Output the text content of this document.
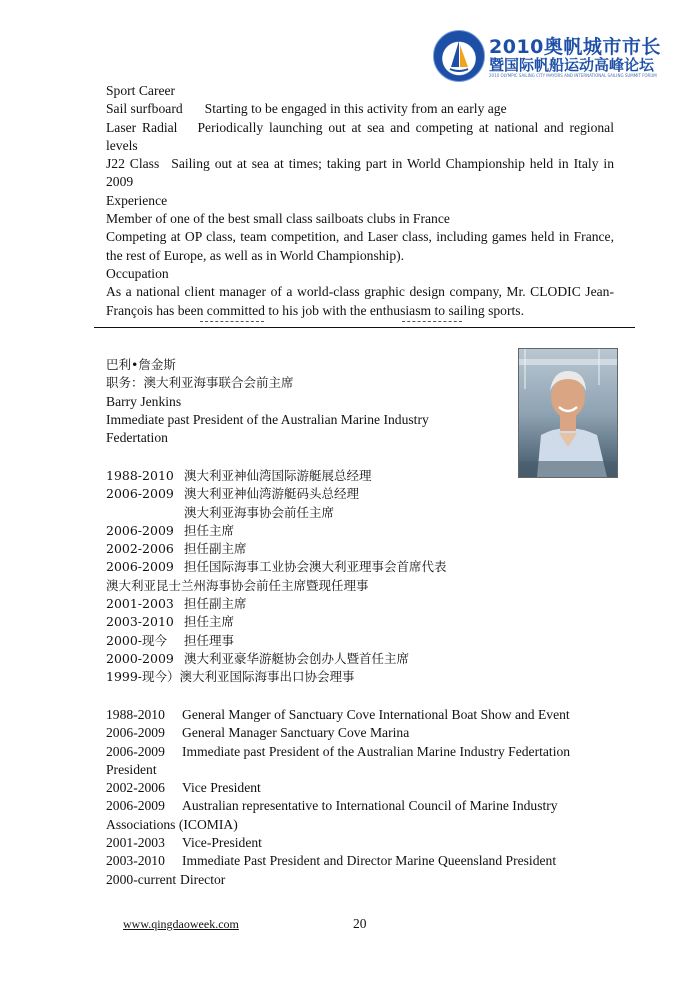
2010奥帆城市市长
暨国际帆船运动高峰论坛
2010 OLYMPIC SAILING CITY MAYORS AND INTERNATIONAL SAILING SUMMIT FORUM
Sport Career
Sail surfboard Starting to be engaged in this activity from an early age
Laser Radial Periodically launching out at sea and competing at national and regional levels
J22 Class Sailing out at sea at times; taking part in World Championship held in Italy in 2009
Experience
Member of one of the best small class sailboats clubs in France
Competing at OP class, team competition, and Laser class, including games held in France, the rest of Europe, as well as in World Championship).
Occupation
As a national client manager of a world-class graphic design company, Mr. CLODIC Jean-François has been committed to his job with the enthusiasm to sailing sports.
巴利•詹金斯
职务：澳大利亚海事联合会前主席
Barry Jenkins
Immediate past President of the Australian Marine Industry Federtation
1988-2010 澳大利亚神仙湾国际游艇展总经理
2006-2009 澳大利亚神仙湾游艇码头总经理
澳大利亚海事协会前任主席
2006-2009 担任主席
2002-2006 担任副主席
2006-2009 担任国际海事工业协会澳大利亚理事会首席代表
澳大利亚昆士兰州海事协会前任主席暨现任理事
2001-2003 担任副主席
2003-2010 担任主席
2000-现今 担任理事
2000-2009 澳大利亚豪华游艇协会创办人暨首任主席
1999-现今）澳大利亚国际海事出口协会理事
1988-2010 General Manger of Sanctuary Cove International Boat Show and Event
2006-2009 General Manager Sanctuary Cove Marina
2006-2009 Immediate past President of the Australian Marine Industry Federtation
President
2002-2006 Vice President
2006-2009 Australian representative to International Council of Marine Industry
Associations (ICOMIA)
2001-2003 Vice-President
2003-2010 Immediate Past President and Director Marine Queensland President
2000-current Director
www.qingdaoweek.com	20
